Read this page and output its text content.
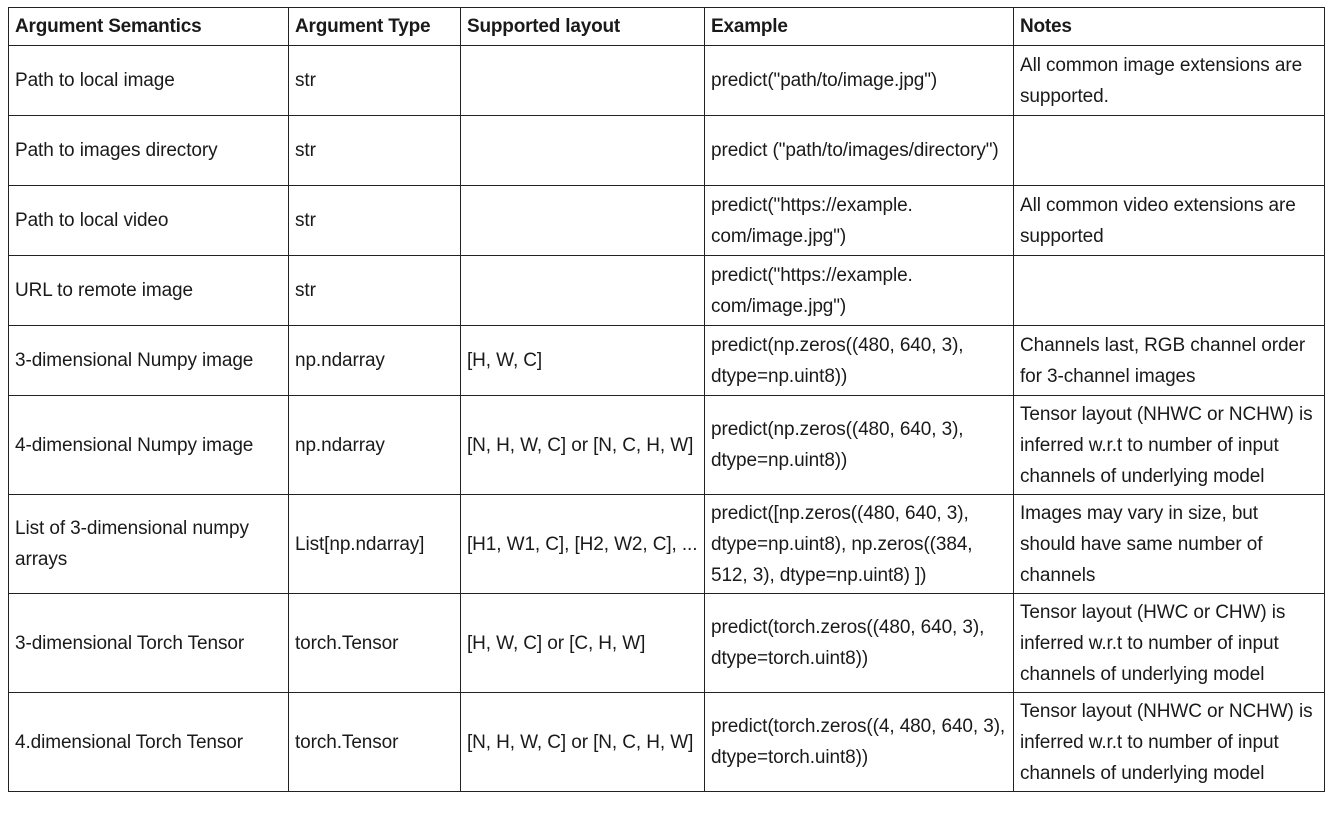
Argument Semantics	Argument Type	Supported layout	Example	Notes
Path to local image	str		predict("path/to/image.jpg")	All common image extensions are supported.
Path to images directory	str		predict ("path/to/images/directory")	
Path to local video	str		predict("https://example. com/image.jpg")	All common video extensions are supported
URL to remote image	str		predict("https://example. com/image.jpg")	
3-dimensional Numpy image	np.ndarray	[H, W, C]	predict(np.zeros((480, 640, 3), dtype=np.uint8))	Channels last, RGB channel order for 3-channel images
4-dimensional Numpy image	np.ndarray	[N, H, W, C] or [N, C, H, W]	predict(np.zeros((480, 640, 3), dtype=np.uint8))	Tensor layout (NHWC or NCHW) is inferred w.r.t to number of input channels of underlying model
List of 3-dimensional numpy arrays	List[np.ndarray]	[H1, W1, C], [H2, W2, C], ...	predict([np.zeros((480, 640, 3), dtype=np.uint8), np.zeros((384, 512, 3), dtype=np.uint8) ])	Images may vary in size, but should have same number of channels
3-dimensional Torch Tensor	torch.Tensor	[H, W, C] or [C, H, W]	predict(torch.zeros((480, 640, 3), dtype=torch.uint8))	Tensor layout (HWC or CHW) is inferred w.r.t to number of input channels of underlying model
4.dimensional Torch Tensor	torch.Tensor	[N, H, W, C] or [N, C, H, W]	predict(torch.zeros((4, 480, 640, 3), dtype=torch.uint8))	Tensor layout (NHWC or NCHW) is inferred w.r.t to number of input channels of underlying model
